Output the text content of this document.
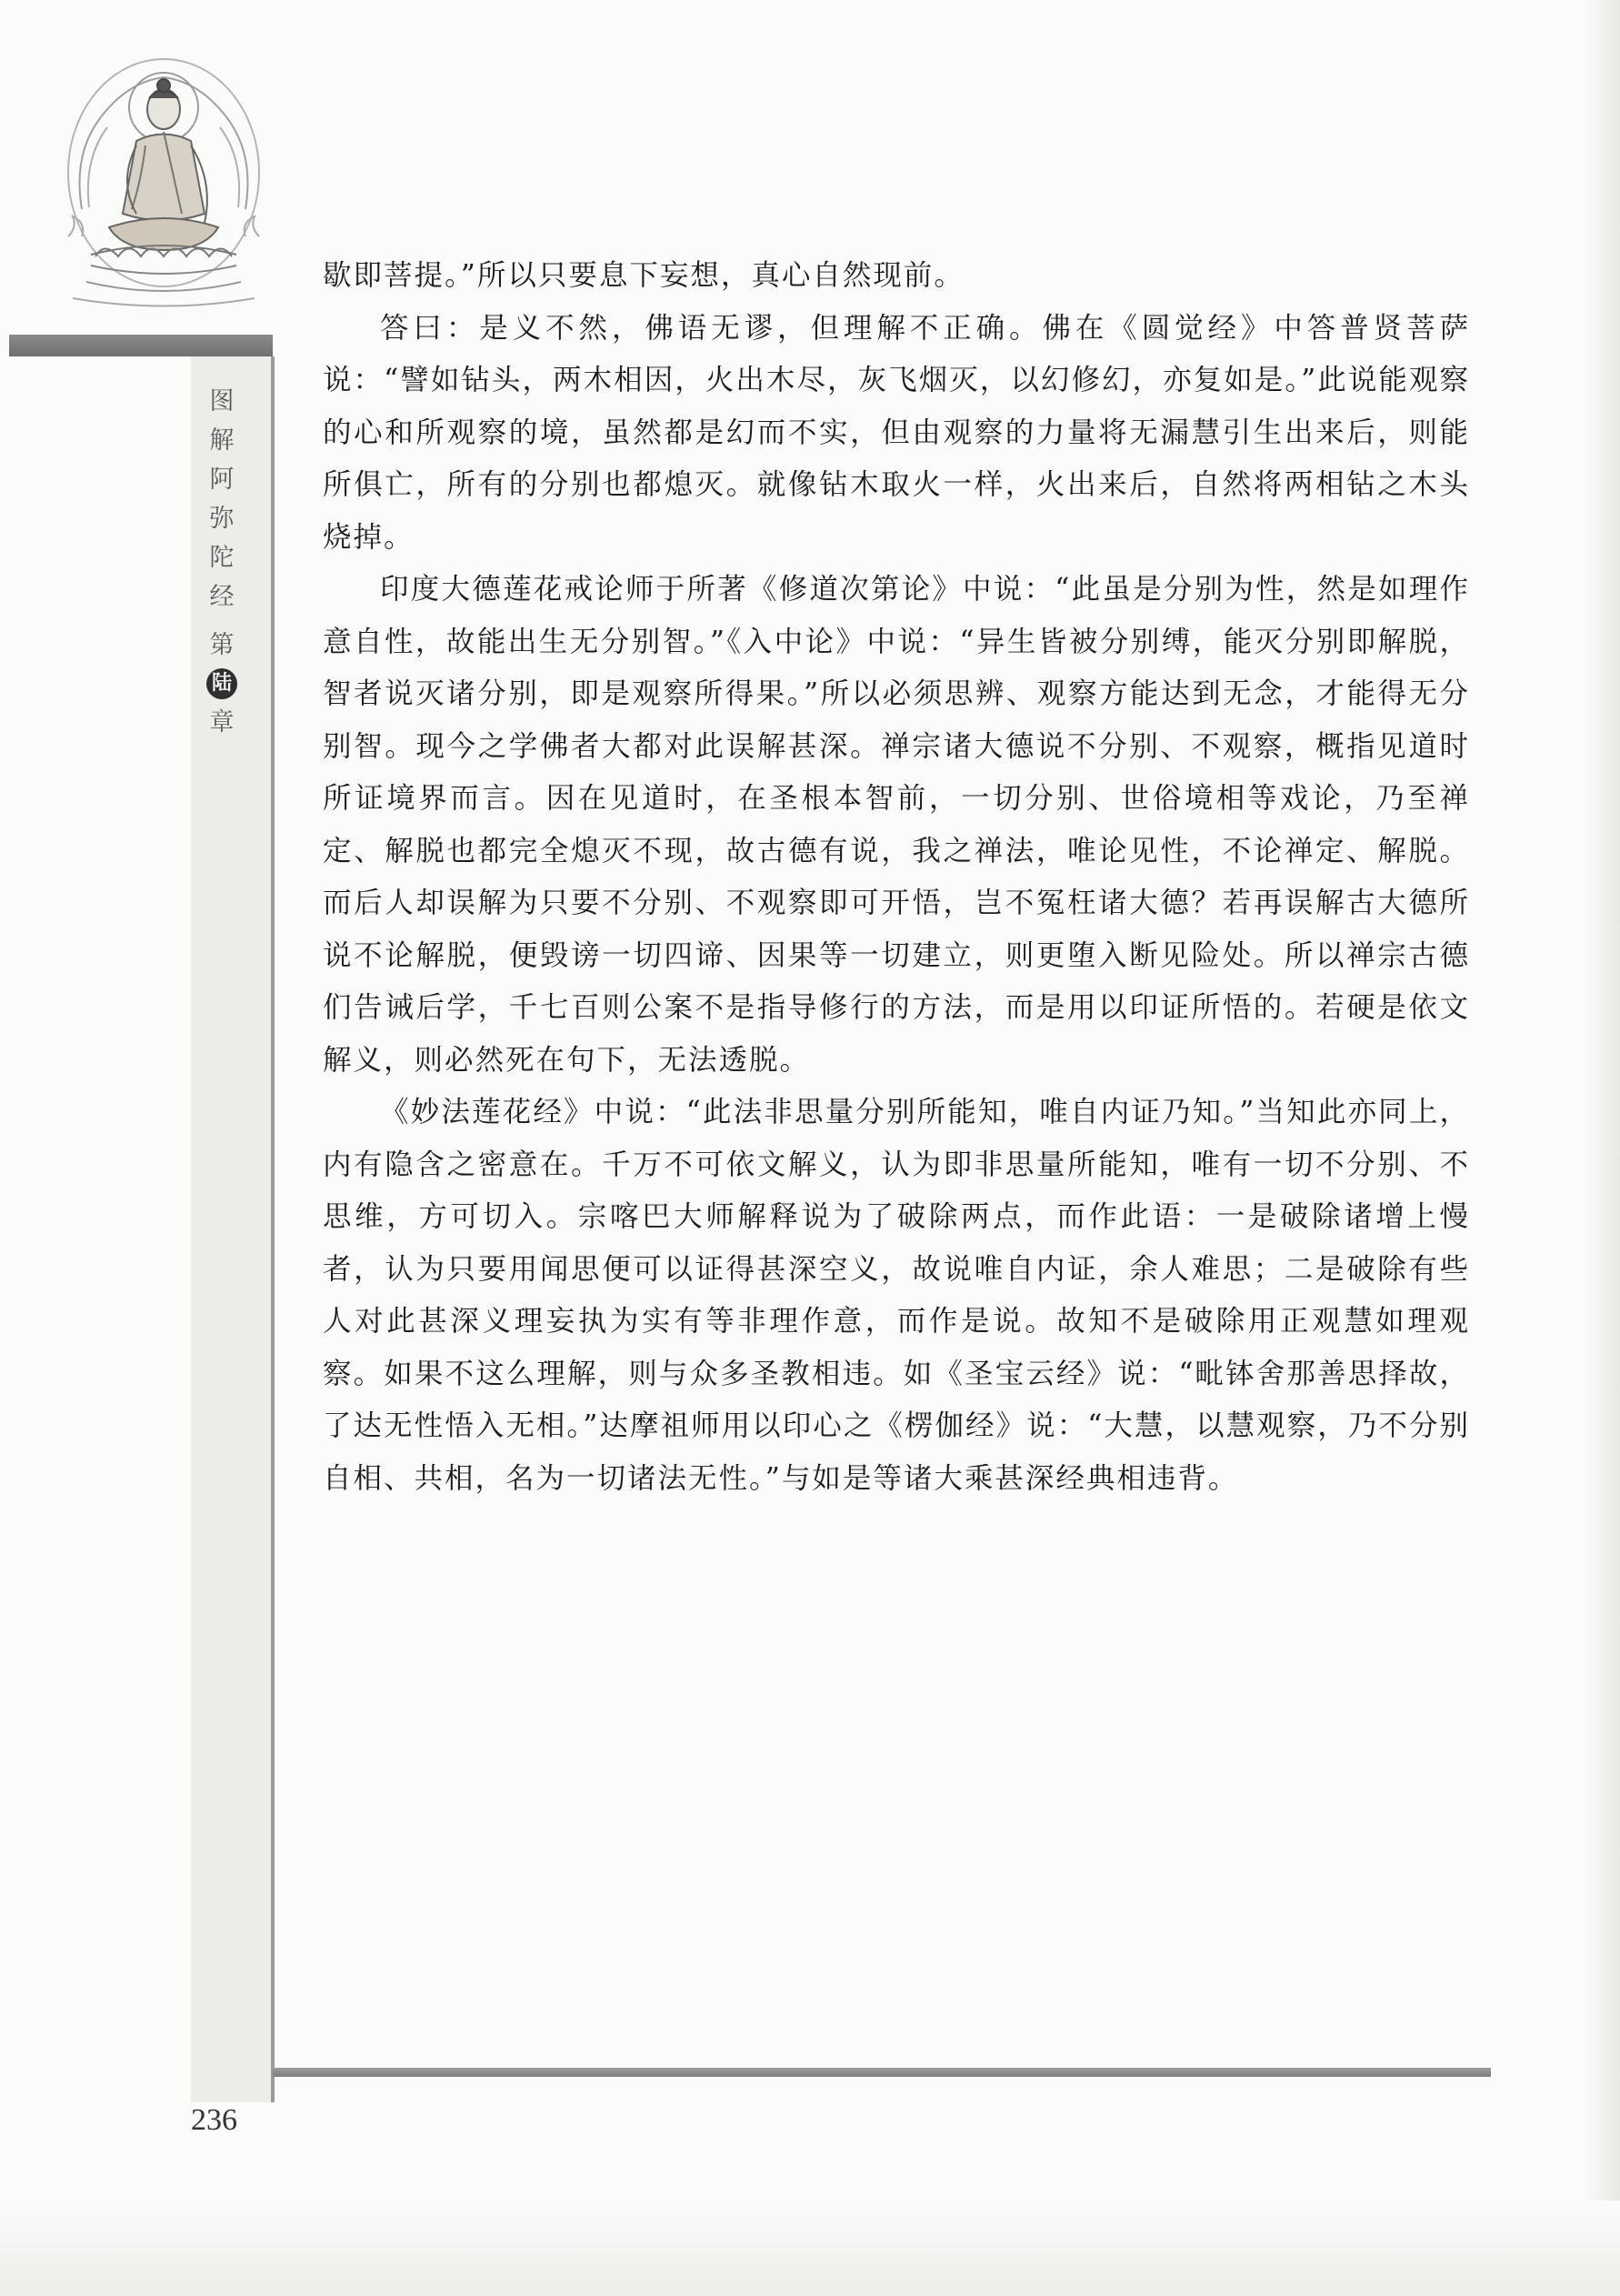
图
解
阿
弥
陀
经
第
陆
章

歇即菩提。”所以只要息下妄想，真心自然现前。

答曰：是义不然，佛语无谬，但理解不正确。佛在《圆觉经》中答普贤菩萨说：“譬如钻头，两木相因，火出木尽，灰飞烟灭，以幻修幻，亦复如是。”此说能观察的心和所观察的境，虽然都是幻而不实，但由观察的力量将无漏慧引生出来后，则能所俱亡，所有的分别也都熄灭。就像钻木取火一样，火出来后，自然将两相钻之木头烧掉。

印度大德莲花戒论师于所著《修道次第论》中说：“此虽是分别为性，然是如理作意自性，故能出生无分别智。”《入中论》中说：“异生皆被分别缚，能灭分别即解脱，智者说灭诸分别，即是观察所得果。”所以必须思辨、观察方能达到无念，才能得无分别智。现今之学佛者大都对此误解甚深。禅宗诸大德说不分别、不观察，概指见道时所证境界而言。因在见道时，在圣根本智前，一切分别、世俗境相等戏论，乃至禅定、解脱也都完全熄灭不现，故古德有说，我之禅法，唯论见性，不论禅定、解脱。而后人却误解为只要不分别、不观察即可开悟，岂不冤枉诸大德？若再误解古大德所说不论解脱，便毁谤一切四谛、因果等一切建立，则更堕入断见险处。所以禅宗古德们告诫后学，千七百则公案不是指导修行的方法，而是用以印证所悟的。若硬是依文解义，则必然死在句下，无法透脱。

《妙法莲花经》中说：“此法非思量分别所能知，唯自内证乃知。”当知此亦同上，内有隐含之密意在。千万不可依文解义，认为即非思量所能知，唯有一切不分别、不思维，方可切入。宗喀巴大师解释说为了破除两点，而作此语：一是破除诸增上慢者，认为只要用闻思便可以证得甚深空义，故说唯自内证，余人难思；二是破除有些人对此甚深义理妄执为实有等非理作意，而作是说。故知不是破除用正观慧如理观察。如果不这么理解，则与众多圣教相违。如《圣宝云经》说：“毗钵舍那善思择故，了达无性悟入无相。”达摩祖师用以印心之《楞伽经》说：“大慧，以慧观察，乃不分别自相、共相，名为一切诸法无性。”与如是等诸大乘甚深经典相违背。

236
